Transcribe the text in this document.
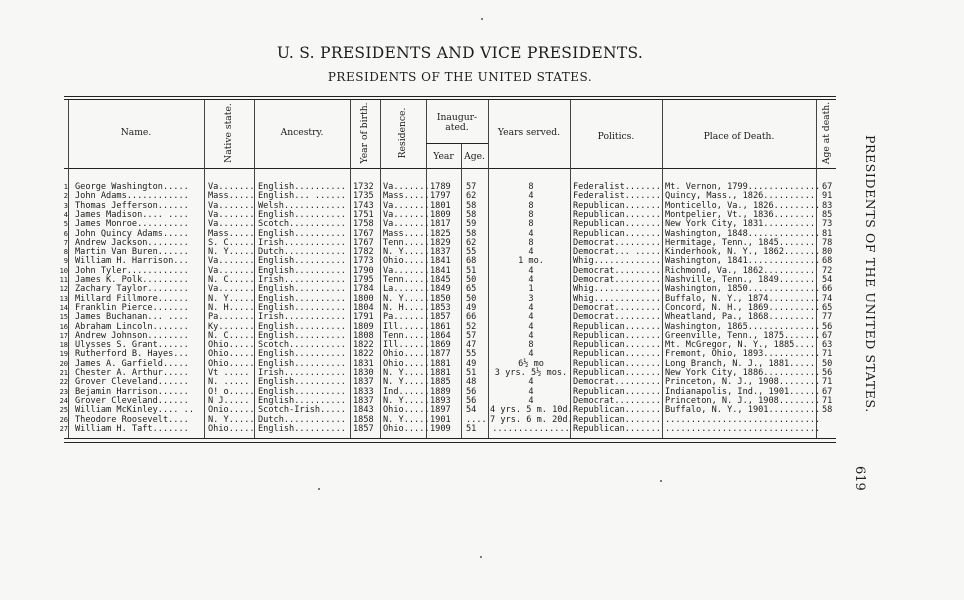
U. S. PRESIDENTS AND VICE PRESIDENTS.
PRESIDENTS OF THE UNITED STATES.
Name.	Native state.	Ancestry.	Year of birth.	Residence.	Inaugur- ated.
Year	Age.
Years served.	Politics.	Place of Death.	Age at death.
1 George Washington.....	Va....... English.......... 1732	Va....... 1789	57	8	Federalist....... Mt. Vernon, 1799.............. 67
2 John Adams............	Mass..... English... ...... 1735	Mass..... 1797	62	4	Federalist....... Quincy, Mass., 1826.......... 91
3 Thomas Jefferson......	Va....... Welsh............ 1743	Va....... 1801	58	8	Republican....... Monticello, Va., 1826......... 83
4 James Madison.... ....	Va....... English.......... 1751	Va....... 1809	58	8	Republican....... Montpelier, Vt., 1836........ 85
5 James Monroe..........	Va....... Scotch........... 1758	Va....... 1817	59	8	Republican....... New York City, 1831.......... 73
6 John Quincy Adams.....	Mass..... English.......... 1767	Mass..... 1825	58	4	Republican....... Washington, 1848.............. 81
7 Andrew Jackson........	S. C..... Irish............ 1767	Tenn..... 1829	62	8	Democrat......... Hermitage, Tenn., 1845....... 78
8 Martin Van Buren......	N. Y..... Dutch............ 1782	N. Y..... 1837	55	4	Democrat... ..... Kinderhook, N. Y., 1862....... 80
9 William H. Harrison...	Va....... English.......... 1773	Ohio..... 1841	68	1 mo.	Whig............. Washington, 1841.............. 68
10 John Tyler............	Va....... English.......... 1790	Va....... 1841	51	4	Democrat......... Richmond, Va., 1862.......... 72
11 James K. Polk.........	N. C..... Irish............ 1795	Tenn..... 1845	50	4	Democrat......... Nashville, Tenn., 1849....... 54
12 Zachary Taylor........	Va....... English.......... 1784	La....... 1849	65	1	Whig............. Washington, 1850.............. 66
13 Millard Fillmore......	N. Y..... English.......... 1800	N. Y..... 1850	50	3	Whig............. Buffalo, N. Y., 1874.......... 74
14 Franklin Pierce.......	N. H..... English.......... 1804	N. H..... 1853	49	4	Democrat......... Concord, N. H., 1869.......... 65
15 James Buchanan... ....	Pa....... Irish............ 1791	Pa....... 1857	66	4	Democrat......... Wheatland, Pa., 1868......... 77
16 Abraham Lincoln.......	Ky....... English.......... 1809	Ill...... 1861	52	4	Republican....... Washington, 1865.............. 56
17 Andrew Johnson........	N. C..... English.......... 1808	Tenn..... 1864	57	4	Republican....... Greenville, Tenn., 1875....... 67
18 Ulysses S. Grant......	Ohio..... Scotch........... 1822	Ill...... 1869	47	8	Republican....... Mt. McGregor, N. Y., 1885.... 63
19 Rutherford B. Hayes...	Ohio..... English.......... 1822	Ohio..... 1877	55	4	Republican....... Fremont, Ohio, 1893........... 71
20 James A. Garfield.....	Ohio..... English.......... 1831	Ohio..... 1881	49	6½ mo	Republican....... Long Branch, N. J., 1881..... 50
21 Chester A. Arthur.....	Vt ..... Irish............ 1830	N. Y..... 1881	51	3 yrs. 5½ mos. Republican....... New York City, 1886........... 56
22 Grover Cleveland......	N. ..... English.......... 1837	N. Y..... 1885	48	4	Democrat......... Princeton, N. J., 1908........ 71
23 Bejamin Harrison......	O! o..... English.......... 1833	Ind...... 1889	56	4	Republican....... Indianapolis, Ind., 1901...... 67
24 Grover Cleveland......	N J..... English.......... 1837	N. Y..... 1893	56	4	Democrat......... Princeton, N. J., 1908........ 71
25 William McKinley.... ..	Onio..... Scotch-Irish..... 1843	Ohio..... 1897	54	4 yrs. 5 m. 10d. Republican....... Buffalo, N. Y., 1901.......... 58
26 Theodore Roosevelt....	N. Y..... Dutch............ 1858	N. Y..... 1901	.... 7 yrs. 6 m. 20d. Republican....... ..............................
27 William H. Taft.......	Ohio..... English.......... 1857	Ohio..... 1909	51	............... Republican....... ..............................
PRESIDENTS OF THE UNITED STATES.
619
